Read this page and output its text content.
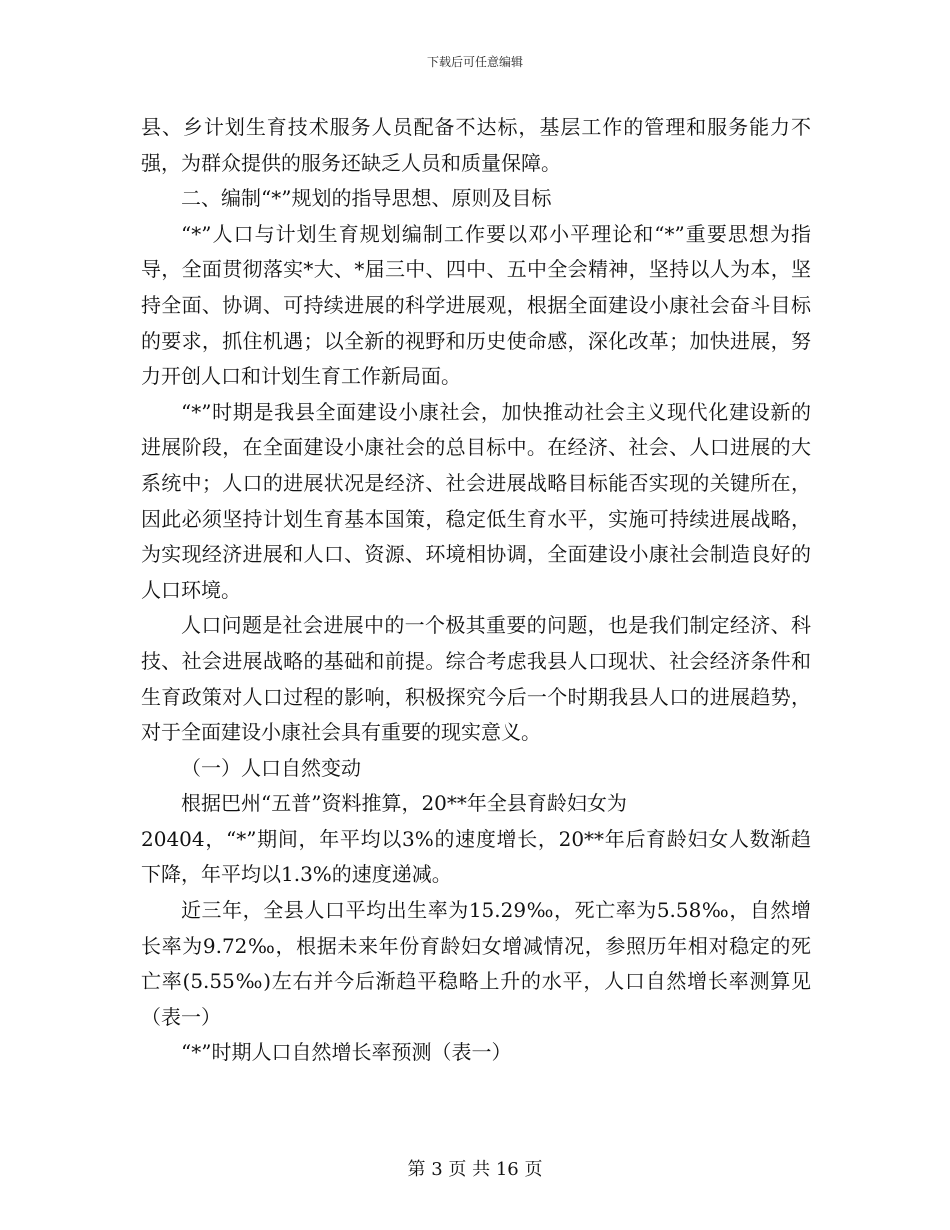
下载后可任意编辑

县、乡计划生育技术服务人员配备不达标，基层工作的管理和服务能力不强，为群众提供的服务还缺乏人员和质量保障。

二、编制“*”规划的指导思想、原则及目标

“*”人口与计划生育规划编制工作要以邓小平理论和“*”重要思想为指导，全面贯彻落实*大、*届三中、四中、五中全会精神，坚持以人为本，坚持全面、协调、可持续进展的科学进展观，根据全面建设小康社会奋斗目标的要求，抓住机遇；以全新的视野和历史使命感，深化改革；加快进展，努力开创人口和计划生育工作新局面。

“*”时期是我县全面建设小康社会，加快推动社会主义现代化建设新的进展阶段，在全面建设小康社会的总目标中。在经济、社会、人口进展的大系统中；人口的进展状况是经济、社会进展战略目标能否实现的关键所在，因此必须坚持计划生育基本国策，稳定低生育水平，实施可持续进展战略，为实现经济进展和人口、资源、环境相协调，全面建设小康社会制造良好的人口环境。

人口问题是社会进展中的一个极其重要的问题，也是我们制定经济、科技、社会进展战略的基础和前提。综合考虑我县人口现状、社会经济条件和生育政策对人口过程的影响，积极探究今后一个时期我县人口的进展趋势，对于全面建设小康社会具有重要的现实意义。

（一）人口自然变动

根据巴州“五普”资料推算，20**年全县育龄妇女为

20404，“*”期间，年平均以3%的速度增长，20**年后育龄妇女人数渐趋下降，年平均以1.3%的速度递减。

近三年，全县人口平均出生率为15.29‰，死亡率为5.58‰，自然增长率为9.72‰，根据未来年份育龄妇女增减情况，参照历年相对稳定的死亡率(5.55‰)左右并今后渐趋平稳略上升的水平，人口自然增长率测算见（表一）

“*”时期人口自然增长率预测（表一）

第 3 页 共 16 页
